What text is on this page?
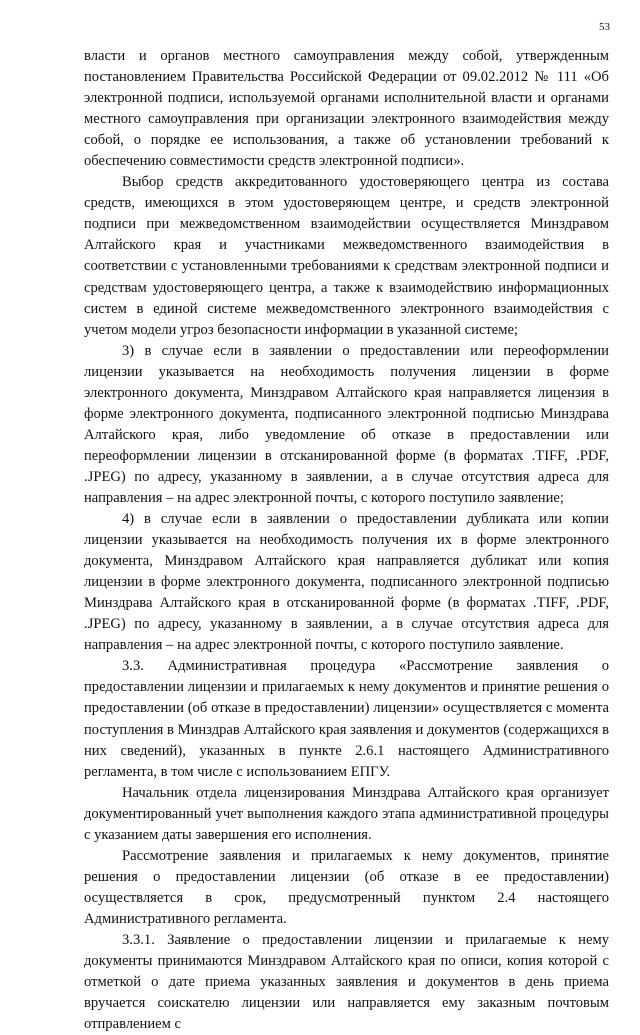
53

власти и органов местного самоуправления между собой, утвержденным постановлением Правительства Российской Федерации от 09.02.2012 № 111 «Об электронной подписи, используемой органами исполнительной власти и органами местного самоуправления при организации электронного взаимодействия между собой, о порядке ее использования, а также об установлении требований к обеспечению совместимости средств электронной подписи».

Выбор средств аккредитованного удостоверяющего центра из состава средств, имеющихся в этом удостоверяющем центре, и средств электронной подписи при межведомственном взаимодействии осуществляется Минздравом Алтайского края и участниками межведомственного взаимодействия в соответствии с установленными требованиями к средствам электронной подписи и средствам удостоверяющего центра, а также к взаимодействию информационных систем в единой системе межведомственного электронного взаимодействия с учетом модели угроз безопасности информации в указанной системе;

3) в случае если в заявлении о предоставлении или переоформлении лицензии указывается на необходимость получения лицензии в форме электронного документа, Минздравом Алтайского края направляется лицензия в форме электронного документа, подписанного электронной подписью Минздрава Алтайского края, либо уведомление об отказе в предоставлении или переоформлении лицензии в отсканированной форме (в форматах .TIFF, .PDF, .JPEG) по адресу, указанному в заявлении, а в случае отсутствия адреса для направления – на адрес электронной почты, с которого поступило заявление;

4) в случае если в заявлении о предоставлении дубликата или копии лицензии указывается на необходимость получения их в форме электронного документа, Минздравом Алтайского края направляется дубликат или копия лицензии в форме электронного документа, подписанного электронной подписью Минздрава Алтайского края в отсканированной форме (в форматах .TIFF, .PDF, .JPEG) по адресу, указанному в заявлении, а в случае отсутствия адреса для направления – на адрес электронной почты, с которого поступило заявление.

3.3. Административная процедура «Рассмотрение заявления о предоставлении лицензии и прилагаемых к нему документов и принятие решения о предоставлении (об отказе в предоставлении) лицензии» осуществляется с момента поступления в Минздрав Алтайского края заявления и документов (содержащихся в них сведений), указанных в пункте 2.6.1 настоящего Административного регламента, в том числе с использованием ЕПГУ.

Начальник отдела лицензирования Минздрава Алтайского края организует документированный учет выполнения каждого этапа административной процедуры с указанием даты завершения его исполнения.

Рассмотрение заявления и прилагаемых к нему документов, принятие решения о предоставлении лицензии (об отказе в ее предоставлении) осуществляется в срок, предусмотренный пунктом 2.4 настоящего Административного регламента.

3.3.1. Заявление о предоставлении лицензии и прилагаемые к нему документы принимаются Минздравом Алтайского края по описи, копия которой с отметкой о дате приема указанных заявления и документов в день приема вручается соискателю лицензии или направляется ему заказным почтовым отправлением с
